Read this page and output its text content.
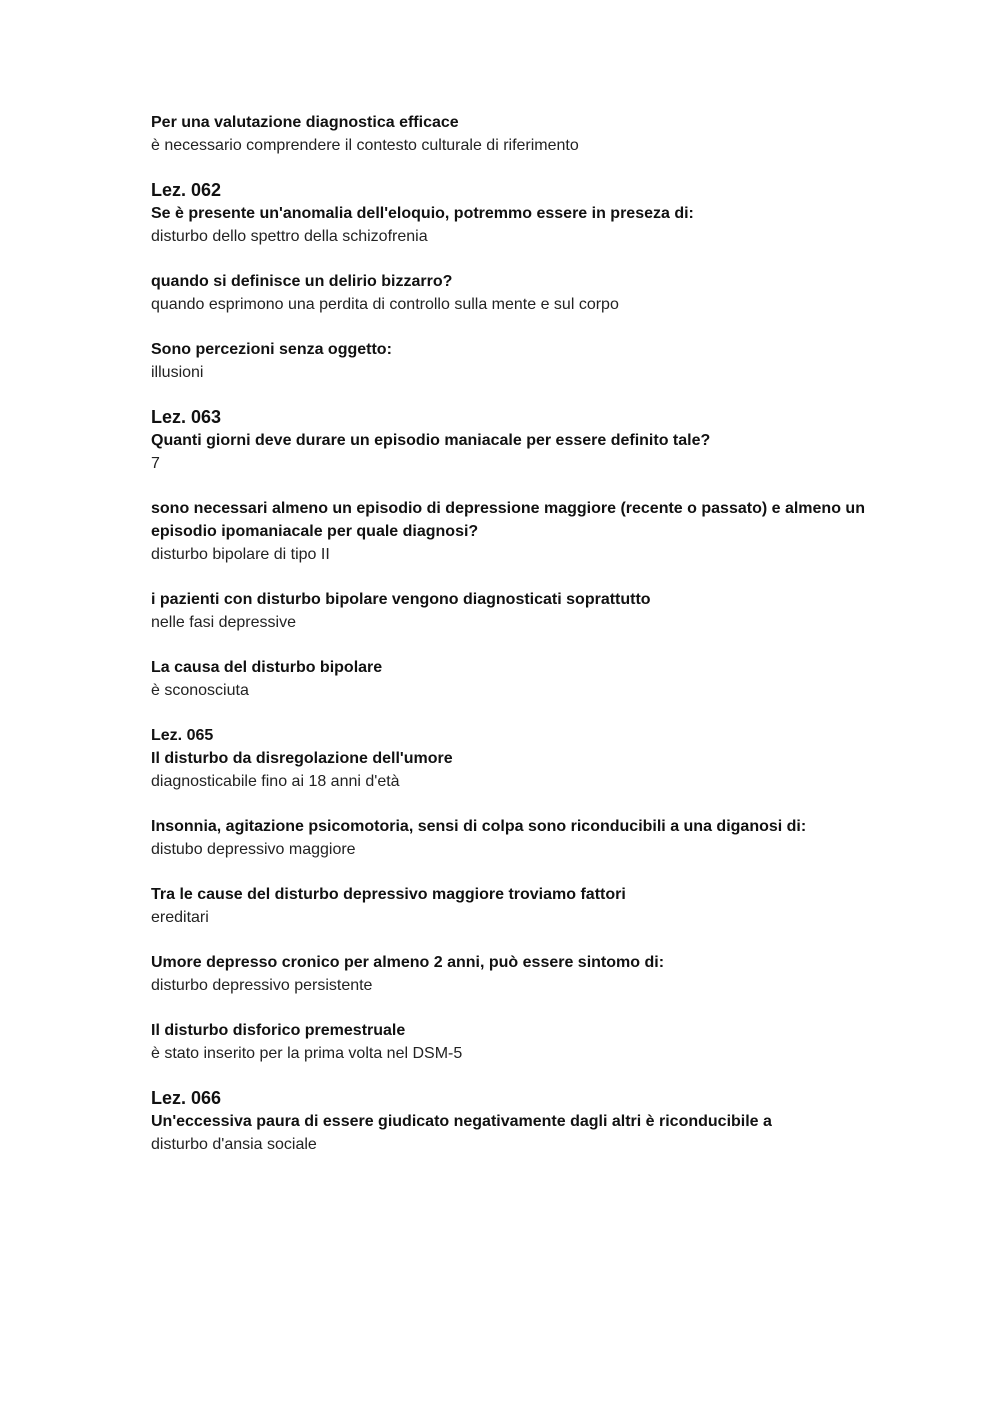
Per una valutazione diagnostica efficace
è necessario comprendere il contesto culturale di riferimento
Lez. 062
Se è presente un'anomalia dell'eloquio, potremmo essere in preseza di:
disturbo dello spettro della schizofrenia
quando si definisce un delirio bizzarro?
quando esprimono una perdita di controllo sulla mente e sul corpo
Sono percezioni senza oggetto:
illusioni
Lez. 063
Quanti giorni deve durare un episodio maniacale per essere definito tale?
7
sono necessari almeno un episodio di depressione maggiore (recente o passato) e almeno un episodio ipomaniacale per quale diagnosi?
disturbo bipolare di tipo II
i pazienti con disturbo bipolare vengono diagnosticati soprattutto
nelle fasi depressive
La causa del disturbo bipolare
è sconosciuta
Lez. 065
Il disturbo da disregolazione dell'umore
diagnosticabile fino ai 18 anni d'età
Insonnia, agitazione psicomotoria, sensi di colpa sono riconducibili a una diganosi di:
distubo depressivo maggiore
Tra le cause del disturbo depressivo maggiore troviamo fattori
ereditari
Umore depresso cronico per almeno 2 anni, può essere sintomo di:
disturbo depressivo persistente
Il disturbo disforico premestruale
è stato inserito per la prima volta nel DSM-5
Lez. 066
Un'eccessiva paura di essere giudicato negativamente dagli altri è riconducibile a
disturbo d'ansia sociale
